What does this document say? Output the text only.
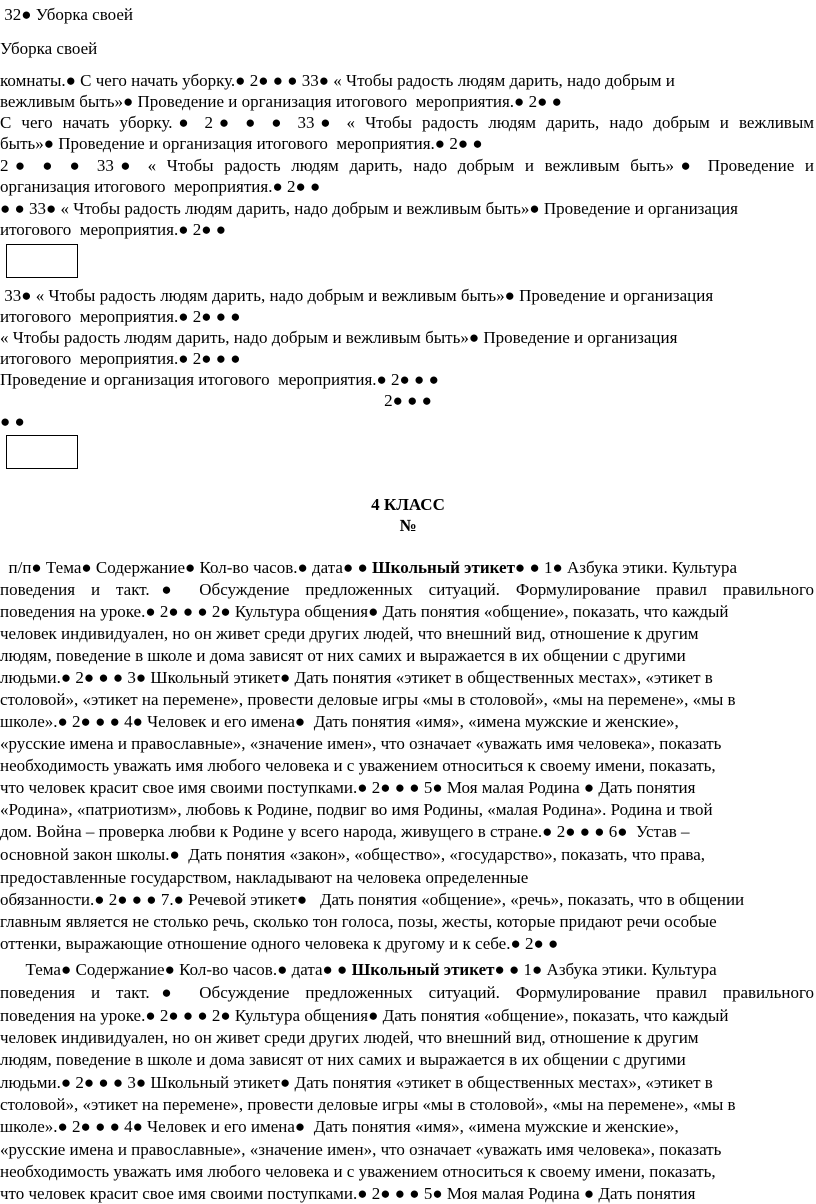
32● Уборка своей
Уборка своей
комнаты.● С чего начать уборку.● 2● ● ● 33● « Чтобы радость людям дарить, надо добрым и
вежливым быть»● Проведение и организация итогового  мероприятия.● 2● ●
С чего начать уборку.● 2● ● ● 33● « Чтобы радость людям дарить, надо добрым и вежливым
быть»● Проведение и организация итогового  мероприятия.● 2● ●
2● ● ● 33● « Чтобы радость людям дарить, надо добрым и вежливым быть»● Проведение и
организация итогового  мероприятия.● 2● ●
● ● 33● « Чтобы радость людям дарить, надо добрым и вежливым быть»● Проведение и организация
итогового  мероприятия.● 2● ●
33● « Чтобы радость людям дарить, надо добрым и вежливым быть»● Проведение и организация
итогового  мероприятия.● 2● ● ●
« Чтобы радость людям дарить, надо добрым и вежливым быть»● Проведение и организация
итогового  мероприятия.● 2● ● ●
Проведение и организация итогового  мероприятия.● 2● ● ●
2● ● ●
● ●
4 КЛАСС
№
п/п● Тема● Содержание● Кол-во часов.● дата● ● Школьный этикет● ● 1● Азбука этики. Культура
поведения и такт.● Обсуждение предложенных ситуаций. Формулирование правил правильного
поведения на уроке.● 2● ● ● 2● Культура общения● Дать понятия «общение», показать, что каждый
человек индивидуален, но он живет среди других людей, что внешний вид, отношение к другим
людям, поведение в школе и дома зависят от них самих и выражается в их общении с другими
людьми.● 2● ● ● 3● Школьный этикет● Дать понятия «этикет в общественных местах», «этикет в
столовой», «этикет на перемене», провести деловые игры «мы в столовой», «мы на перемене», «мы в
школе».● 2● ● ● 4● Человек и его имена●  Дать понятия «имя», «имена мужские и женские»,
«русские имена и православные», «значение имен», что означает «уважать имя человека», показать
необходимость уважать имя любого человека и с уважением относиться к своему имени, показать,
что человек красит свое имя своими поступками.● 2● ● ● 5● Моя малая Родина ● Дать понятия
«Родина», «патриотизм», любовь к Родине, подвиг во имя Родины, «малая Родина». Родина и твой
дом. Война – проверка любви к Родине у всего народа, живущего в стране.● 2● ● ● 6●  Устав –
основной закон школы.●  Дать понятия «закон», «общество», «государство», показать, что права,
предоставленные государством, накладывают на человека определенные
обязанности.● 2● ● ● 7.● Речевой этикет●   Дать понятия «общение», «речь», показать, что в общении
главным является не столько речь, сколько тон голоса, позы, жесты, которые придают речи особые
оттенки, выражающие отношение одного человека к другому и к себе.● 2● ●
Тема● Содержание● Кол-во часов.● дата● ● Школьный этикет● ● 1● Азбука этики. Культура
поведения и такт.● Обсуждение предложенных ситуаций. Формулирование правил правильного
поведения на уроке.● 2● ● ● 2● Культура общения● Дать понятия «общение», показать, что каждый
человек индивидуален, но он живет среди других людей, что внешний вид, отношение к другим
людям, поведение в школе и дома зависят от них самих и выражается в их общении с другими
людьми.● 2● ● ● 3● Школьный этикет● Дать понятия «этикет в общественных местах», «этикет в
столовой», «этикет на перемене», провести деловые игры «мы в столовой», «мы на перемене», «мы в
школе».● 2● ● ● 4● Человек и его имена●  Дать понятия «имя», «имена мужские и женские»,
«русские имена и православные», «значение имен», что означает «уважать имя человека», показать
необходимость уважать имя любого человека и с уважением относиться к своему имени, показать,
что человек красит свое имя своими поступками.● 2● ● ● 5● Моя малая Родина ● Дать понятия
